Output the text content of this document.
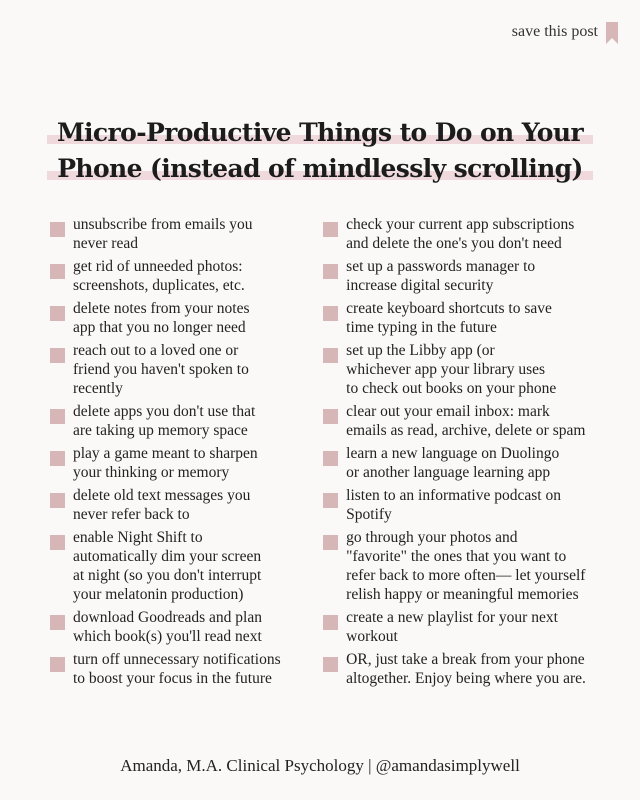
save this post
Micro-Productive Things to Do on Your
Phone (instead of mindlessly scrolling)
unsubscribe from emails you
never read
get rid of unneeded photos:
screenshots, duplicates, etc.
delete notes from your notes
app that you no longer need
reach out to a loved one or
friend you haven't spoken to
recently
delete apps you don't use that
are taking up memory space
play a game meant to sharpen
your thinking or memory
delete old text messages you
never refer back to
enable Night Shift to
automatically dim your screen
at night (so you don't interrupt
your melatonin production)
download Goodreads and plan
which book(s) you'll read next
turn off unnecessary notifications
to boost your focus in the future
check your current app subscriptions
and delete the one's you don't need
set up a passwords manager to
increase digital security
create keyboard shortcuts to save
time typing in the future
set up the Libby app (or
whichever app your library uses
to check out books on your phone
clear out your email inbox: mark
emails as read, archive, delete or spam
learn a new language on Duolingo
or another language learning app
listen to an informative podcast on
Spotify
go through your photos and
"favorite" the ones that you want to
refer back to more often— let yourself
relish happy or meaningful memories
create a new playlist for your next
workout
OR, just take a break from your phone
altogether. Enjoy being where you are.
Amanda, M.A. Clinical Psychology | @amandasimplywell
